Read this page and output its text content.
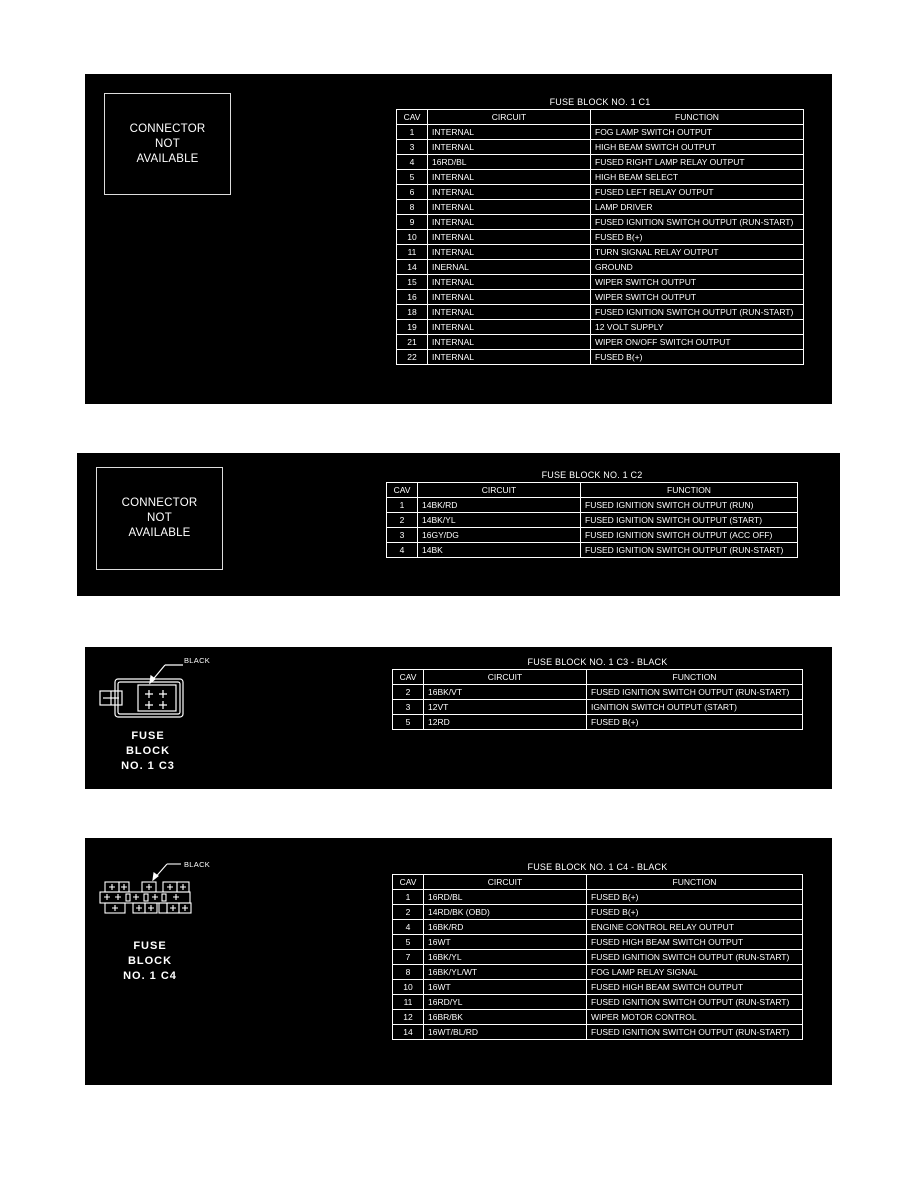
CONNECTOR
NOT
AVAILABLE
FUSE BLOCK NO. 1 C1
CAV	CIRCUIT	FUNCTION
1	INTERNAL	FOG LAMP SWITCH OUTPUT
3	INTERNAL	HIGH BEAM SWITCH OUTPUT
4	16RD/BL	FUSED RIGHT LAMP RELAY OUTPUT
5	INTERNAL	HIGH BEAM SELECT
6	INTERNAL	FUSED LEFT RELAY OUTPUT
8	INTERNAL	LAMP DRIVER
9	INTERNAL	FUSED IGNITION SWITCH OUTPUT (RUN-START)
10	INTERNAL	FUSED B(+)
11	INTERNAL	TURN SIGNAL RELAY OUTPUT
14	INERNAL	GROUND
15	INTERNAL	WIPER SWITCH OUTPUT
16	INTERNAL	WIPER SWITCH OUTPUT
18	INTERNAL	FUSED IGNITION SWITCH OUTPUT (RUN-START)
19	INTERNAL	12 VOLT SUPPLY
21	INTERNAL	WIPER ON/OFF SWITCH OUTPUT
22	INTERNAL	FUSED B(+)
CONNECTOR
NOT
AVAILABLE
FUSE BLOCK NO. 1 C2
CAV	CIRCUIT	FUNCTION
1	14BK/RD	FUSED IGNITION SWITCH OUTPUT (RUN)
2	14BK/YL	FUSED IGNITION SWITCH OUTPUT (START)
3	16GY/DG	FUSED IGNITION SWITCH OUTPUT (ACC OFF)
4	14BK	FUSED IGNITION SWITCH OUTPUT (RUN-START)
BLACK
FUSE
BLOCK
NO. 1 C3
FUSE BLOCK NO. 1 C3 - BLACK
CAV	CIRCUIT	FUNCTION
2	16BK/VT	FUSED IGNITION SWITCH OUTPUT (RUN-START)
3	12VT	IGNITION SWITCH OUTPUT (START)
5	12RD	FUSED B(+)
BLACK
FUSE
BLOCK
NO. 1 C4
FUSE BLOCK NO. 1 C4 - BLACK
CAV	CIRCUIT	FUNCTION
1	16RD/BL	FUSED B(+)
2	14RD/BK (OBD)	FUSED B(+)
4	16BK/RD	ENGINE CONTROL RELAY OUTPUT
5	16WT	FUSED HIGH BEAM SWITCH OUTPUT
7	16BK/YL	FUSED IGNITION SWITCH OUTPUT (RUN-START)
8	16BK/YL/WT	FOG LAMP RELAY SIGNAL
10	16WT	FUSED HIGH BEAM SWITCH OUTPUT
11	16RD/YL	FUSED IGNITION SWITCH OUTPUT (RUN-START)
12	16BR/BK	WIPER MOTOR CONTROL
14	16WT/BL/RD	FUSED IGNITION SWITCH OUTPUT (RUN-START)
